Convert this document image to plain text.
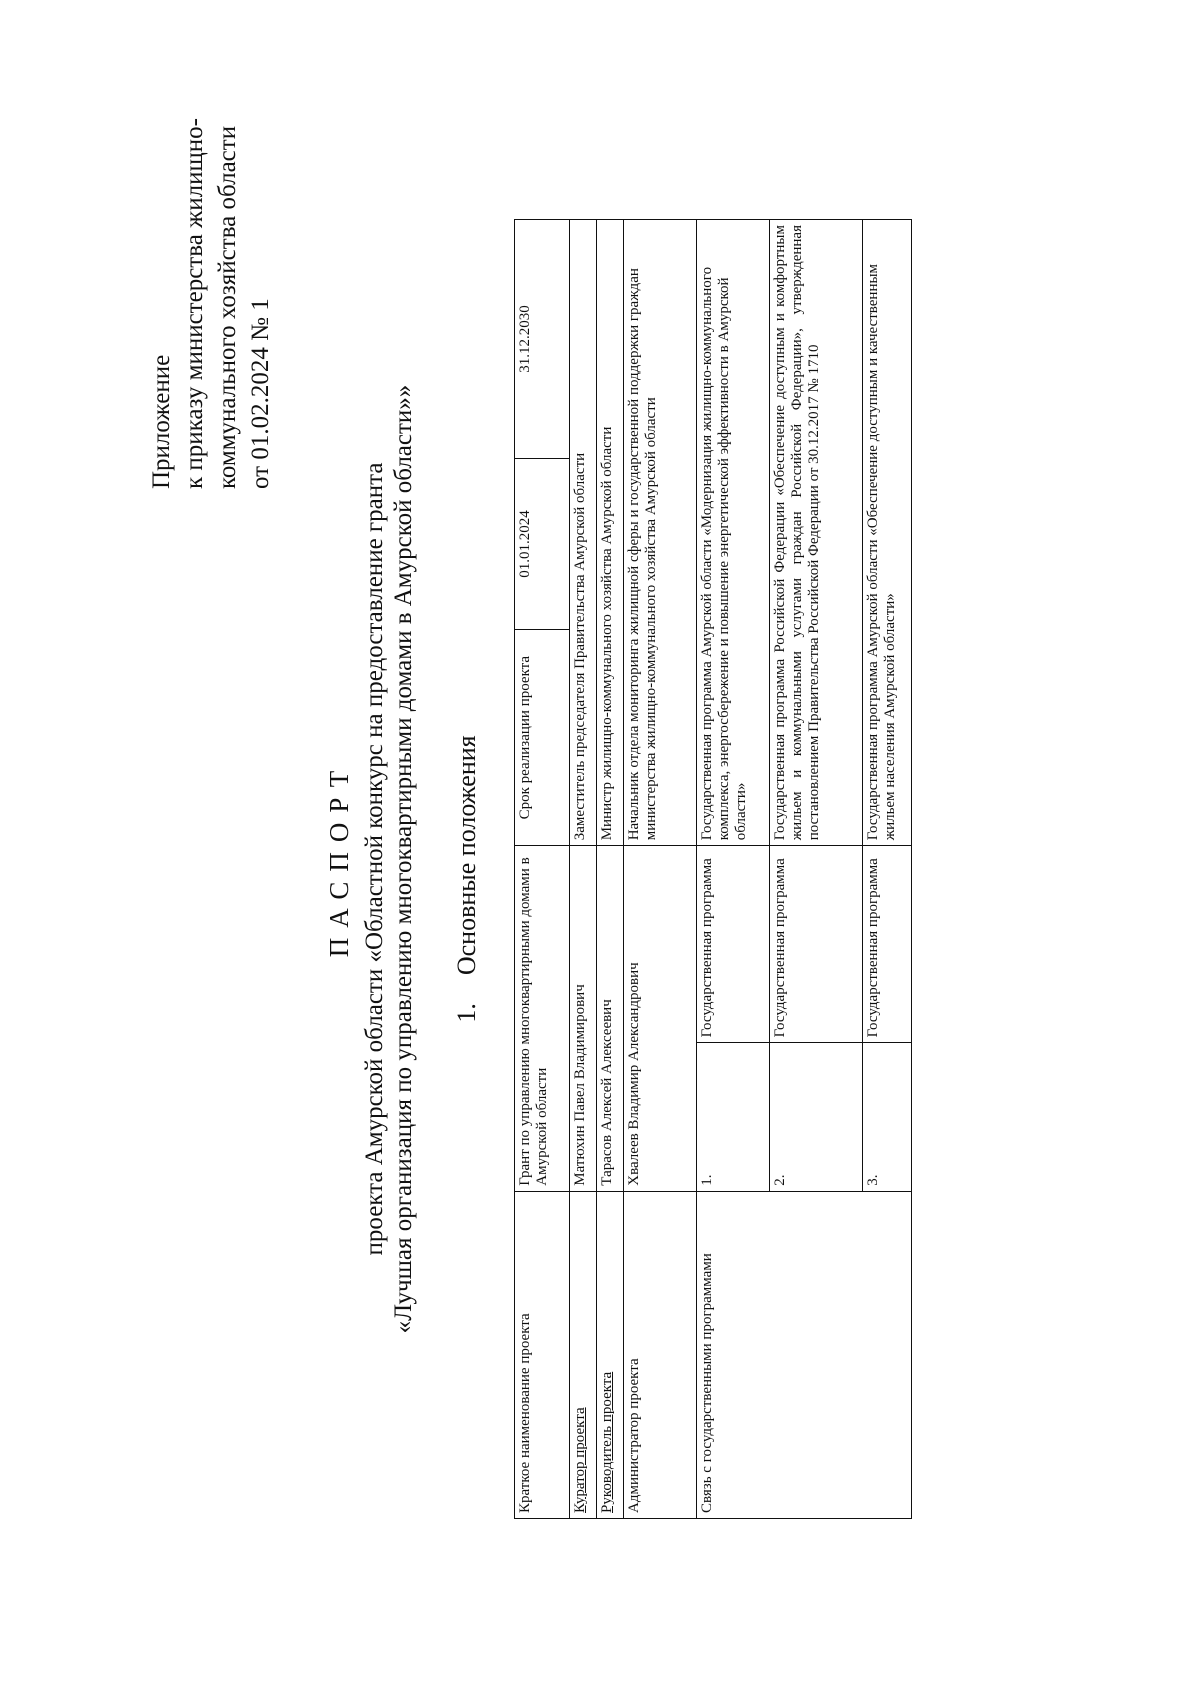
Приложение к приказу министерства жилищно- коммунального хозяйства области от 01.02.2024 № 1
ПАСПОРТ проекта Амурской области «Областной конкурс на предоставление гранта «Лучшая организация по управлению многоквартирными домами в Амурской области»» 1.Основные положения
Краткое наименование проекта	Грант по управлению многоквартирными домами в Амурской области		Срок реализации проекта	01.01.2024	31.12.2030
Куратор проекта	Матюхин Павел Владимирович		Заместитель председателя Правительства Амурской области		
Руководитель проекта	Тарасов Алексей Алексеевич		Министр жилищно-коммунального хозяйства Амурской области		
Администратор проекта	Хвалеев Владимир Александрович		Начальник отдела мониторинга жилищной сферы и государственной поддержки граждан министерства жилищно-коммунального хозяйства Амурской области		
Связь с государственными программами	1.	Государственная программа	Государственная программа Амурской области «Модернизация жилищно-коммунального комплекса, энергосбережение и повышение энергетической эффективности в Амурской области»		
	2.	Государственная программа	Государственная программа Российской Федерации «Обеспечение доступным и комфортным жильем и коммунальными услугами граждан Российской Федерации», утвержденная постановлением Правительства Российской Федерации от 30.12.2017 № 1710		
	3.	Государственная программа	Государственная программа Амурской области «Обеспечение доступным и качественным жильем населения Амурской области»		
